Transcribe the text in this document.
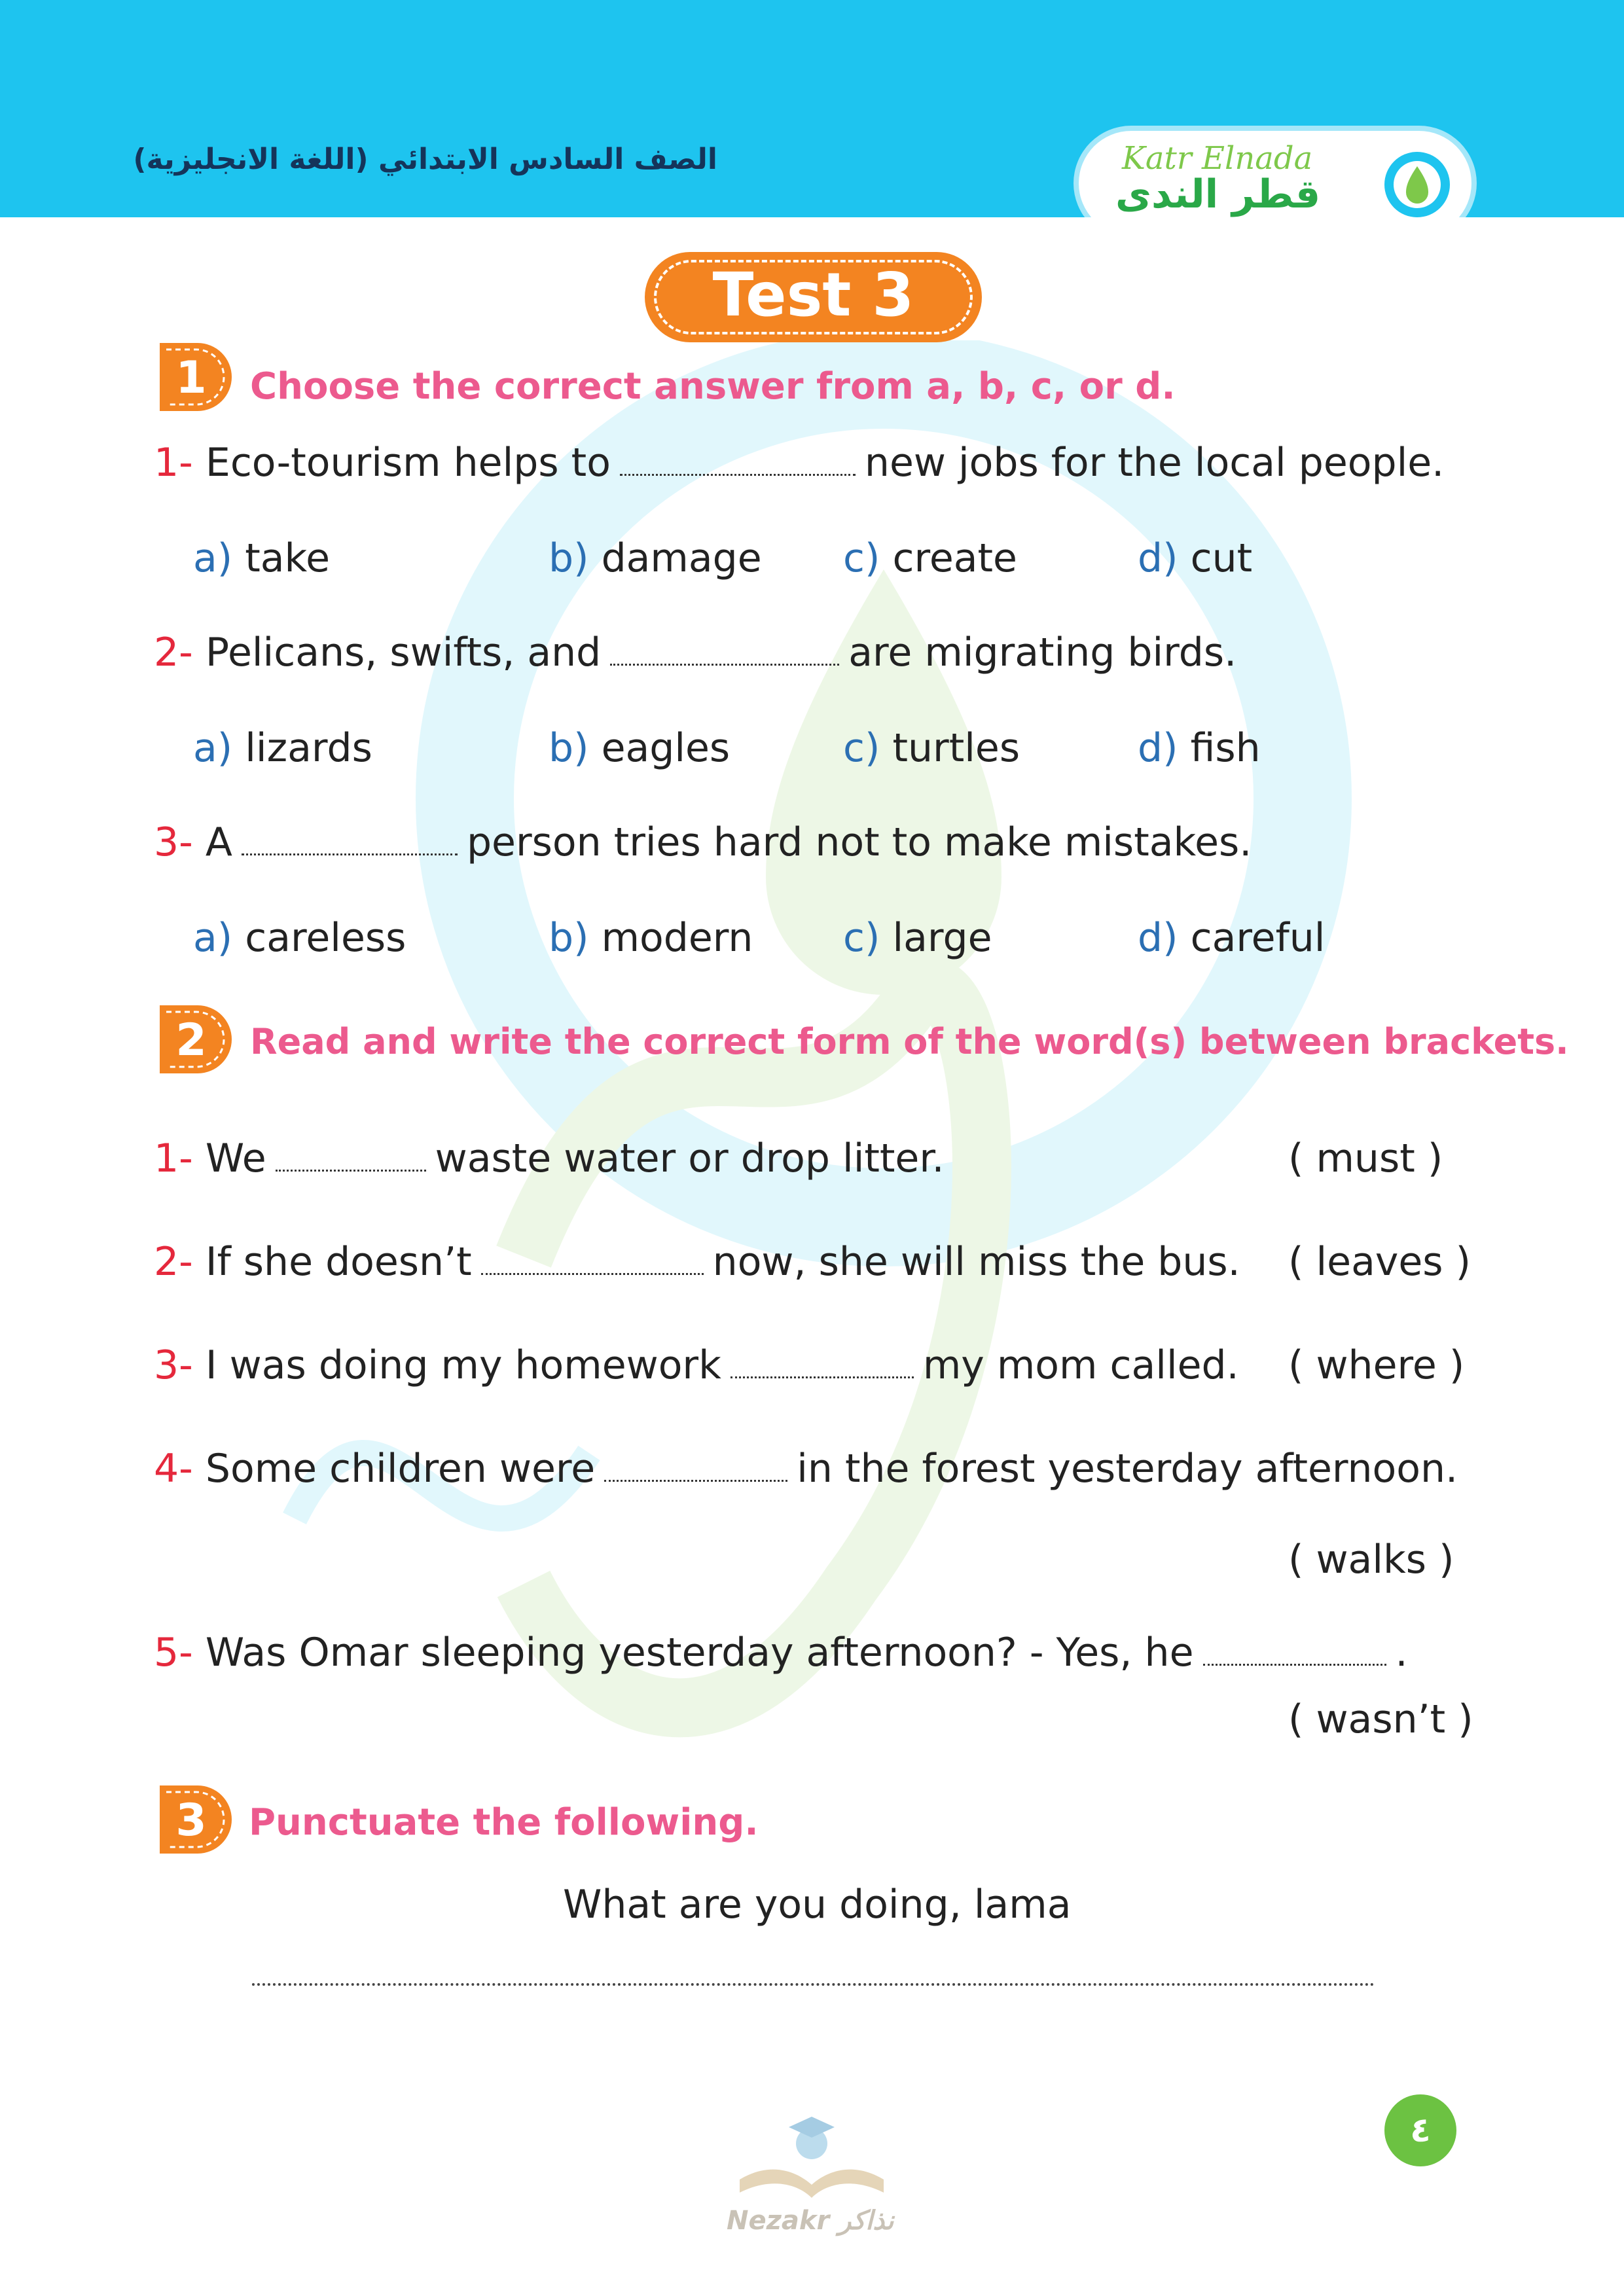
الصف السادس الابتدائي (اللغة الانجليزية)	Katr Elnada
قطر الندى
Test 3
1 Choose the correct answer from a, b, c, or d.
1- Eco-tourism helps to	new jobs for the local people.
a) take	b) damage c) create	d) cut
2- Pelicans, swifts, and	are migrating birds.
a) lizards	b) eagles	c) turtles	d) fish
3- A	person tries hard not to make mistakes.
a) careless	b) modern c) large	d) careful
2 Read and write the correct form of the word(s) between brackets.
1- We	waste water or drop litter.	( must )
2- If she doesn’t	now, she will miss the bus. ( leaves )
3- I was doing my homework	my mom called. ( where )
4- Some children were	in the forest yesterday afternoon.
( walks )
5- Was Omar sleeping yesterday afternoon? - Yes, he	.
( wasn’t )
3 Punctuate the following.
What are you doing, lama
Nezakr نذاكر
٤
